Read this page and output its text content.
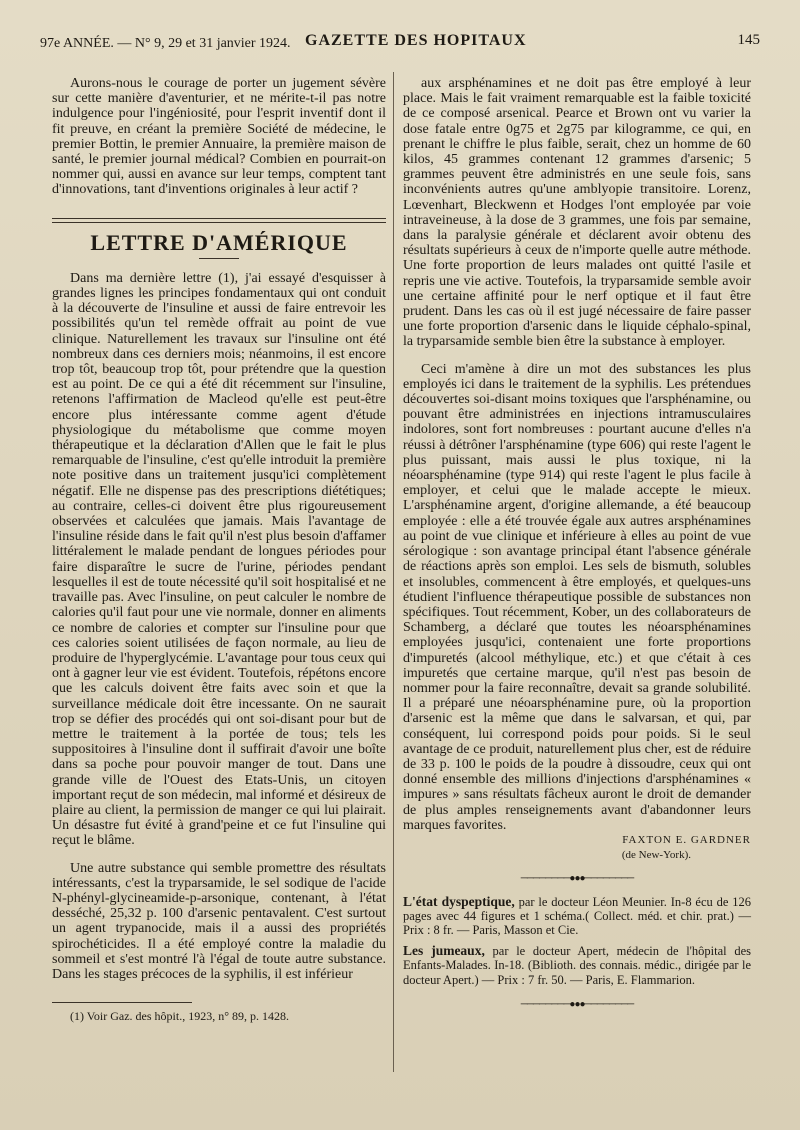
97e ANNÉE. — N° 9, 29 et 31 janvier 1924. GAZETTE DES HOPITAUX	145

Aurons-nous le courage de porter un jugement sévère sur cette manière d'aventurier, et ne mérite-t-il pas notre indulgence pour l'ingéniosité, pour l'esprit inventif dont il fit preuve, en créant la première Société de médecine, le premier Bottin, le premier Annuaire, la première maison de santé, le premier journal médical? Combien en pourrait-on nommer qui, aussi en avance sur leur temps, comptent tant d'innovations, tant d'inventions originales à leur actif ?

LETTRE D'AMÉRIQUE

Dans ma dernière lettre (1), j'ai essayé d'esquisser à grandes lignes les principes fondamentaux qui ont conduit à la découverte de l'insuline et aussi de faire entrevoir les possibilités qu'un tel remède offrait au point de vue clinique. Naturellement les travaux sur l'insuline ont été nombreux dans ces derniers mois; néanmoins, il est encore trop tôt, beaucoup trop tôt, pour prétendre que la question est au point. De ce qui a été dit récemment sur l'insuline, retenons l'affirmation de Macleod qu'elle est peut-être encore plus intéressante comme agent d'étude physiologique du métabolisme que comme moyen thérapeutique et la déclaration d'Allen que le fait le plus remarquable de l'insuline, c'est qu'elle introduit la première note positive dans un traitement jusqu'ici complètement négatif. Elle ne dispense pas des prescriptions diététiques; au contraire, celles-ci doivent être plus rigoureusement observées et calculées que jamais. Mais l'avantage de l'insuline réside dans le fait qu'il n'est plus besoin d'affamer littéralement le malade pendant de longues périodes pour faire disparaître le sucre de l'urine, périodes pendant lesquelles il est de toute nécessité qu'il soit hospitalisé et ne travaille pas. Avec l'insuline, on peut calculer le nombre de calories qu'il faut pour une vie normale, donner en aliments ce nombre de calories et compter sur l'insuline pour que ces calories soient utilisées de façon normale, au lieu de produire de l'hyperglycémie. L'avantage pour tous ceux qui ont à gagner leur vie est évident. Toutefois, répétons encore que les calculs doivent être faits avec soin et que la surveillance médicale doit être incessante. On ne saurait trop se défier des procédés qui ont soi-disant pour but de mettre le traitement à la portée de tous; tels les suppositoires à l'insuline dont il suffirait d'avoir une boîte dans sa poche pour pouvoir manger de tout. Dans une grande ville de l'Ouest des Etats-Unis, un citoyen important reçut de son médecin, mal informé et désireux de plaire au client, la permission de manger ce qui lui plairait. Un désastre fut évité à grand'peine et ce fut l'insuline qui reçut le blâme.

Une autre substance qui semble promettre des résultats intéressants, c'est la tryparsamide, le sel sodique de l'acide N-phényl-glycineamide-p-arsonique, contenant, à l'état desséché, 25,32 p. 100 d'arsenic pentavalent. C'est surtout un agent trypanocide, mais il a aussi des propriétés spirochéticides. Il a été employé contre la maladie du sommeil et s'est montré l'à l'égal de toute autre substance. Dans les stages précoces de la syphilis, il est inférieur

(1) Voir Gaz. des hôpit., 1923, n° 89, p. 1428.

aux arsphénamines et ne doit pas être employé à leur place. Mais le fait vraiment remarquable est la faible toxicité de ce composé arsenical. Pearce et Brown ont vu varier la dose fatale entre 0g75 et 2g75 par kilogramme, ce qui, en prenant le chiffre le plus faible, serait, chez un homme de 60 kilos, 45 grammes contenant 12 grammes d'arsenic; 5 grammes peuvent être administrés en une seule fois, sans inconvénients autres qu'une amblyopie transitoire. Lorenz, Lœvenhart, Bleckwenn et Hodges l'ont employée par voie intraveineuse, à la dose de 3 grammes, une fois par semaine, dans la paralysie générale et déclarent avoir obtenu des résultats supérieurs à ceux de n'importe quelle autre méthode. Une forte proportion de leurs malades ont quitté l'asile et repris une vie active. Toutefois, la tryparsamide semble avoir une certaine affinité pour le nerf optique et il faut être prudent. Dans les cas où il est jugé nécessaire de faire passer une forte proportion d'arsenic dans le liquide céphalo-spinal, la tryparsamide semble bien être la substance à employer.

Ceci m'amène à dire un mot des substances les plus employés ici dans le traitement de la syphilis. Les prétendues découvertes soi-disant moins toxiques que l'arsphénamine, ou pouvant être administrées en injections intramusculaires indolores, sont fort nombreuses : pourtant aucune d'elles n'a réussi à détrôner l'arsphénamine (type 606) qui reste l'agent le plus puissant, mais aussi le plus toxique, ni la néoarsphénamine (type 914) qui reste l'agent le plus facile à employer, et celui que le malade accepte le mieux. L'arsphénamine argent, d'origine allemande, a été beaucoup employée : elle a été trouvée égale aux autres arsphénamines au point de vue clinique et inférieure à elles au point de vue sérologique : son avantage principal étant l'absence générale de réactions après son emploi. Les sels de bismuth, solubles et insolubles, commencent à être employés, et quelques-uns étudient l'influence thérapeutique possible de substances non spécifiques. Tout récemment, Kober, un des collaborateurs de Schamberg, a déclaré que toutes les néoarsphénamines employées jusqu'ici, contenaient une forte proportions d'impuretés (alcool méthylique, etc.) et que c'était à ces impuretés que certaine marque, qu'il n'est pas besoin de nommer pour la faire reconnaître, devait sa grande solubilité. Il a préparé une néoarsphénamine pure, où la proportion d'arsenic est la même que dans le salvarsan, et qui, par conséquent, lui correspond poids pour poids. Si le seul avantage de ce produit, naturellement plus cher, est de réduire de 33 p. 100 le poids de la poudre à dissoudre, ceux qui ont donné ensemble des millions d'injections d'arsphénamines « impures » sans résultats fâcheux auront le droit de demander de plus amples renseignements avant d'abandonner leurs marques favorites.

FAXTON E. GARDNER
(de New-York).
────────●●●────────

L'état dyspeptique, par le docteur Léon Meunier. In-8 écu de 126 pages avec 44 figures et 1 schéma.( Collect. méd. et chir. prat.) — Prix : 8 fr. — Paris, Masson et Cie.

Les jumeaux, par le docteur Apert, médecin de l'hôpital des Enfants-Malades. In-18. (Biblioth. des connais. médic., dirigée par le docteur Apert.) — Prix : 7 fr. 50. — Paris, E. Flammarion.

────────●●●────────
